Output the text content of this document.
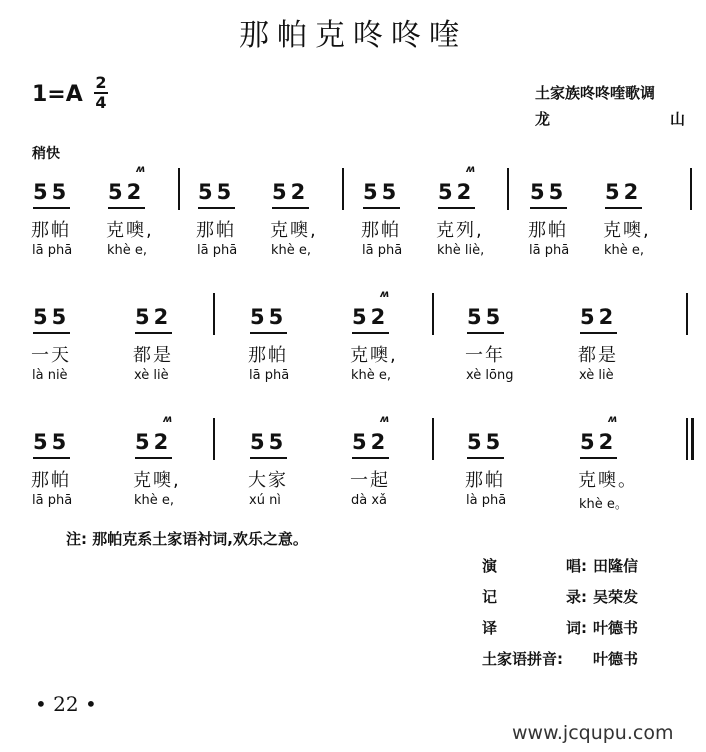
那帕克咚咚喹
1=A 2
4	土家族咚咚喹歌调
龙	山
稍快
注: 那帕克系土家语衬词,欢乐之意。
• 22 •
www.jcqupu.com
55
那帕
lā phā
52
克噢,
khè e,
ʍ
55
那帕
lā phā
52
克噢,
khè e,
55
那帕
lā phā
52
克列,
khè liè,
ʍ
55
那帕
lā phā
52
克噢,
khè e,
55
一天
là niè
52
都是
xè liè
55
那帕
lā phā
52
克噢,
khè e,
ʍ
55
一年
xè lōng
52
都是
xè liè
55
那帕
lā phā
52
克噢,
khè e,
ʍ
55
大家
xú nì
52
一起
dà xǎ
ʍ
55
那帕
là phā
52
克噢。
khè e。
ʍ
演	唱 : 田隆信
记	录 : 吴荣发
译	词 : 叶德书
土家语拼音 :	叶德书
